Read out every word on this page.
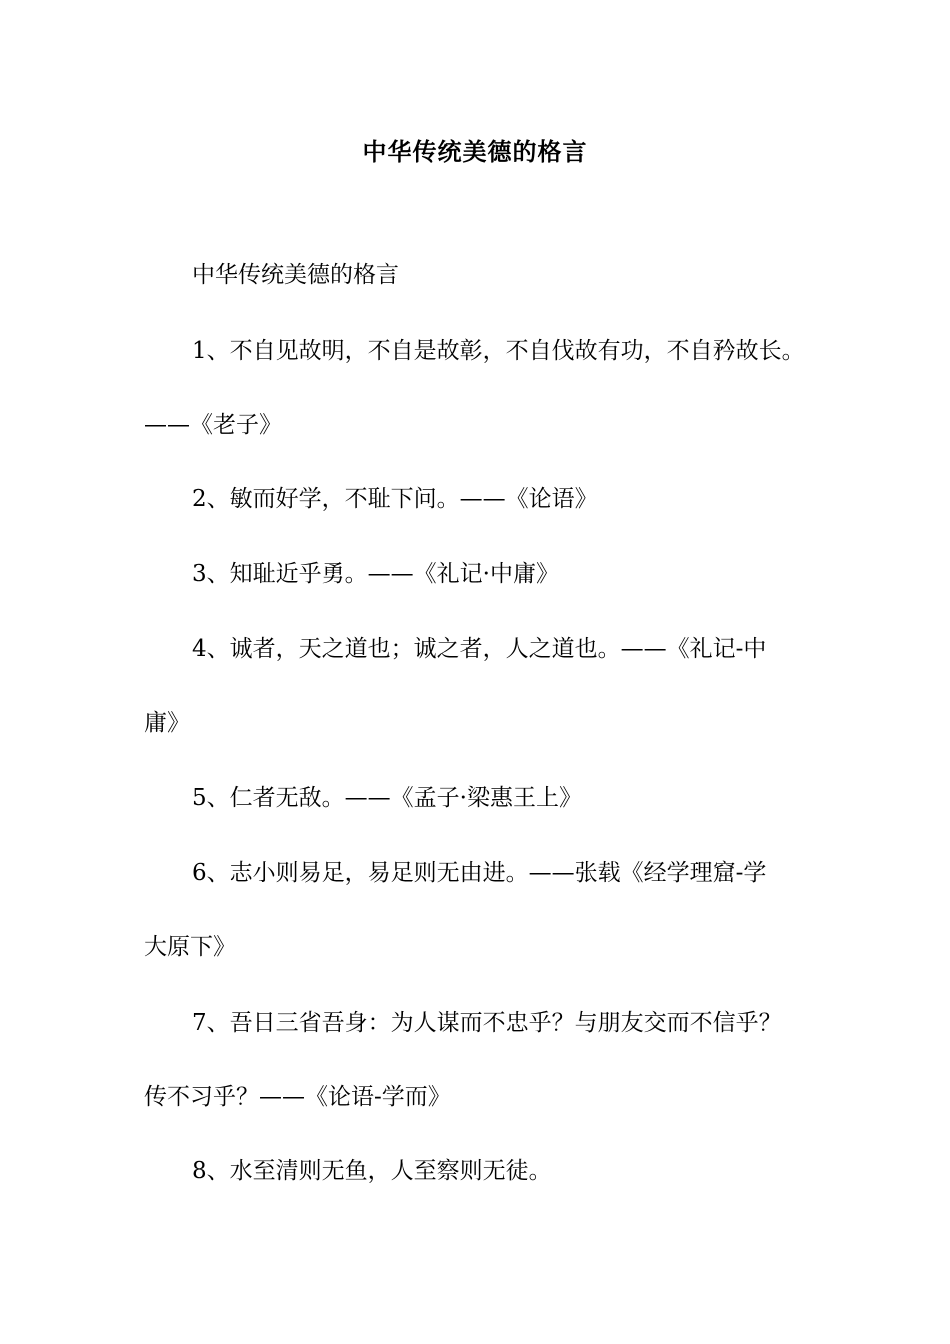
中华传统美德的格言
中华传统美德的格言
1、不自见故明，不自是故彰，不自伐故有功，不自矜故长。
——《老子》
2、敏而好学，不耻下问。——《论语》
3、知耻近乎勇。——《礼记·中庸》
4、诚者，天之道也；诚之者，人之道也。——《礼记-中
庸》
5、仁者无敌。——《孟子·梁惠王上》
6、志小则易足，易足则无由进。——张载《经学理窟-学
大原下》
7、吾日三省吾身：为人谋而不忠乎？与朋友交而不信乎？
传不习乎？——《论语-学而》
8、水至清则无鱼，人至察则无徒。
